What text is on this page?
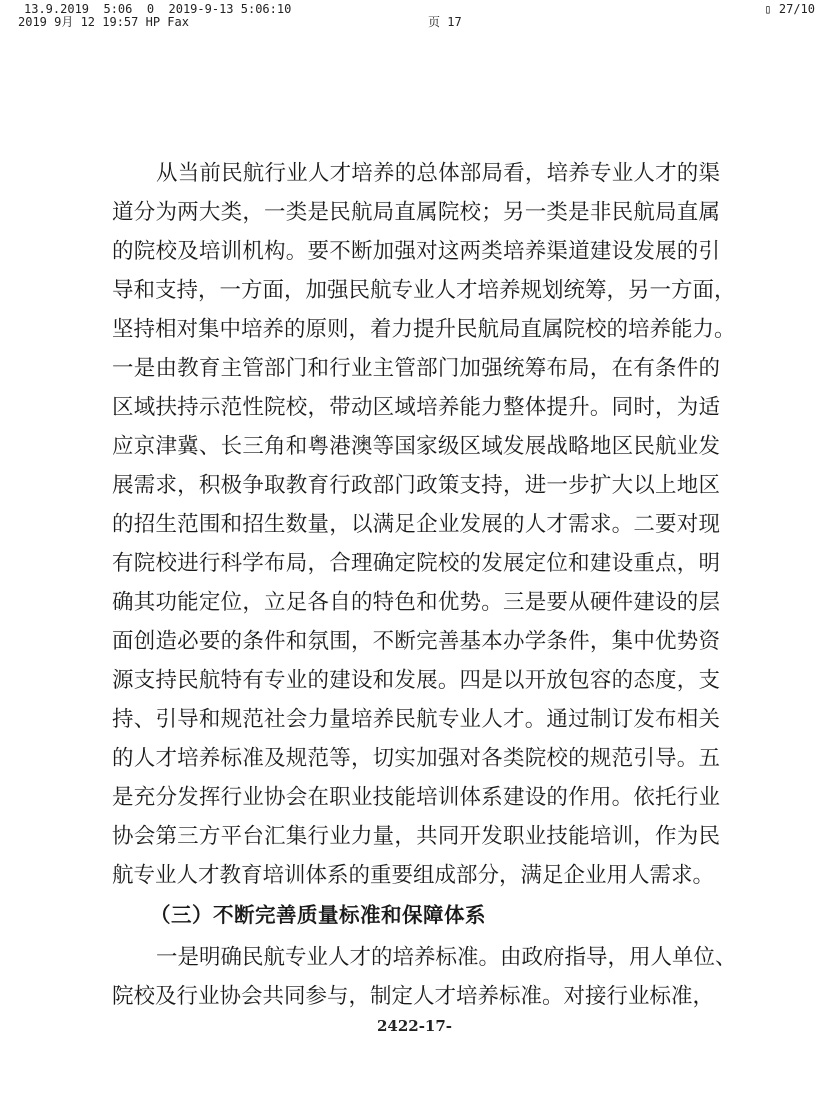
13.9.2019  5:06  0  2019-9-13 5:06:10
2019 9月 12 19:57 HP Fax	页 17
▯ 27/10
从当前民航行业人才培养的总体部局看，培养专业人才的渠
道分为两大类，一类是民航局直属院校；另一类是非民航局直属
的院校及培训机构。要不断加强对这两类培养渠道建设发展的引
导和支持，一方面，加强民航专业人才培养规划统筹，另一方面，
坚持相对集中培养的原则，着力提升民航局直属院校的培养能力。
一是由教育主管部门和行业主管部门加强统筹布局，在有条件的
区域扶持示范性院校，带动区域培养能力整体提升。同时，为适
应京津冀、长三角和粤港澳等国家级区域发展战略地区民航业发
展需求，积极争取教育行政部门政策支持，进一步扩大以上地区
的招生范围和招生数量，以满足企业发展的人才需求。二要对现
有院校进行科学布局，合理确定院校的发展定位和建设重点，明
确其功能定位，立足各自的特色和优势。三是要从硬件建设的层
面创造必要的条件和氛围，不断完善基本办学条件，集中优势资
源支持民航特有专业的建设和发展。四是以开放包容的态度，支
持、引导和规范社会力量培养民航专业人才。通过制订发布相关
的人才培养标准及规范等，切实加强对各类院校的规范引导。五
是充分发挥行业协会在职业技能培训体系建设的作用。依托行业
协会第三方平台汇集行业力量，共同开发职业技能培训，作为民
航专业人才教育培训体系的重要组成部分，满足企业用人需求。
（三）不断完善质量标准和保障体系
一是明确民航专业人才的培养标准。由政府指导，用人单位、
院校及行业协会共同参与，制定人才培养标准。对接行业标准，
2422-17-
